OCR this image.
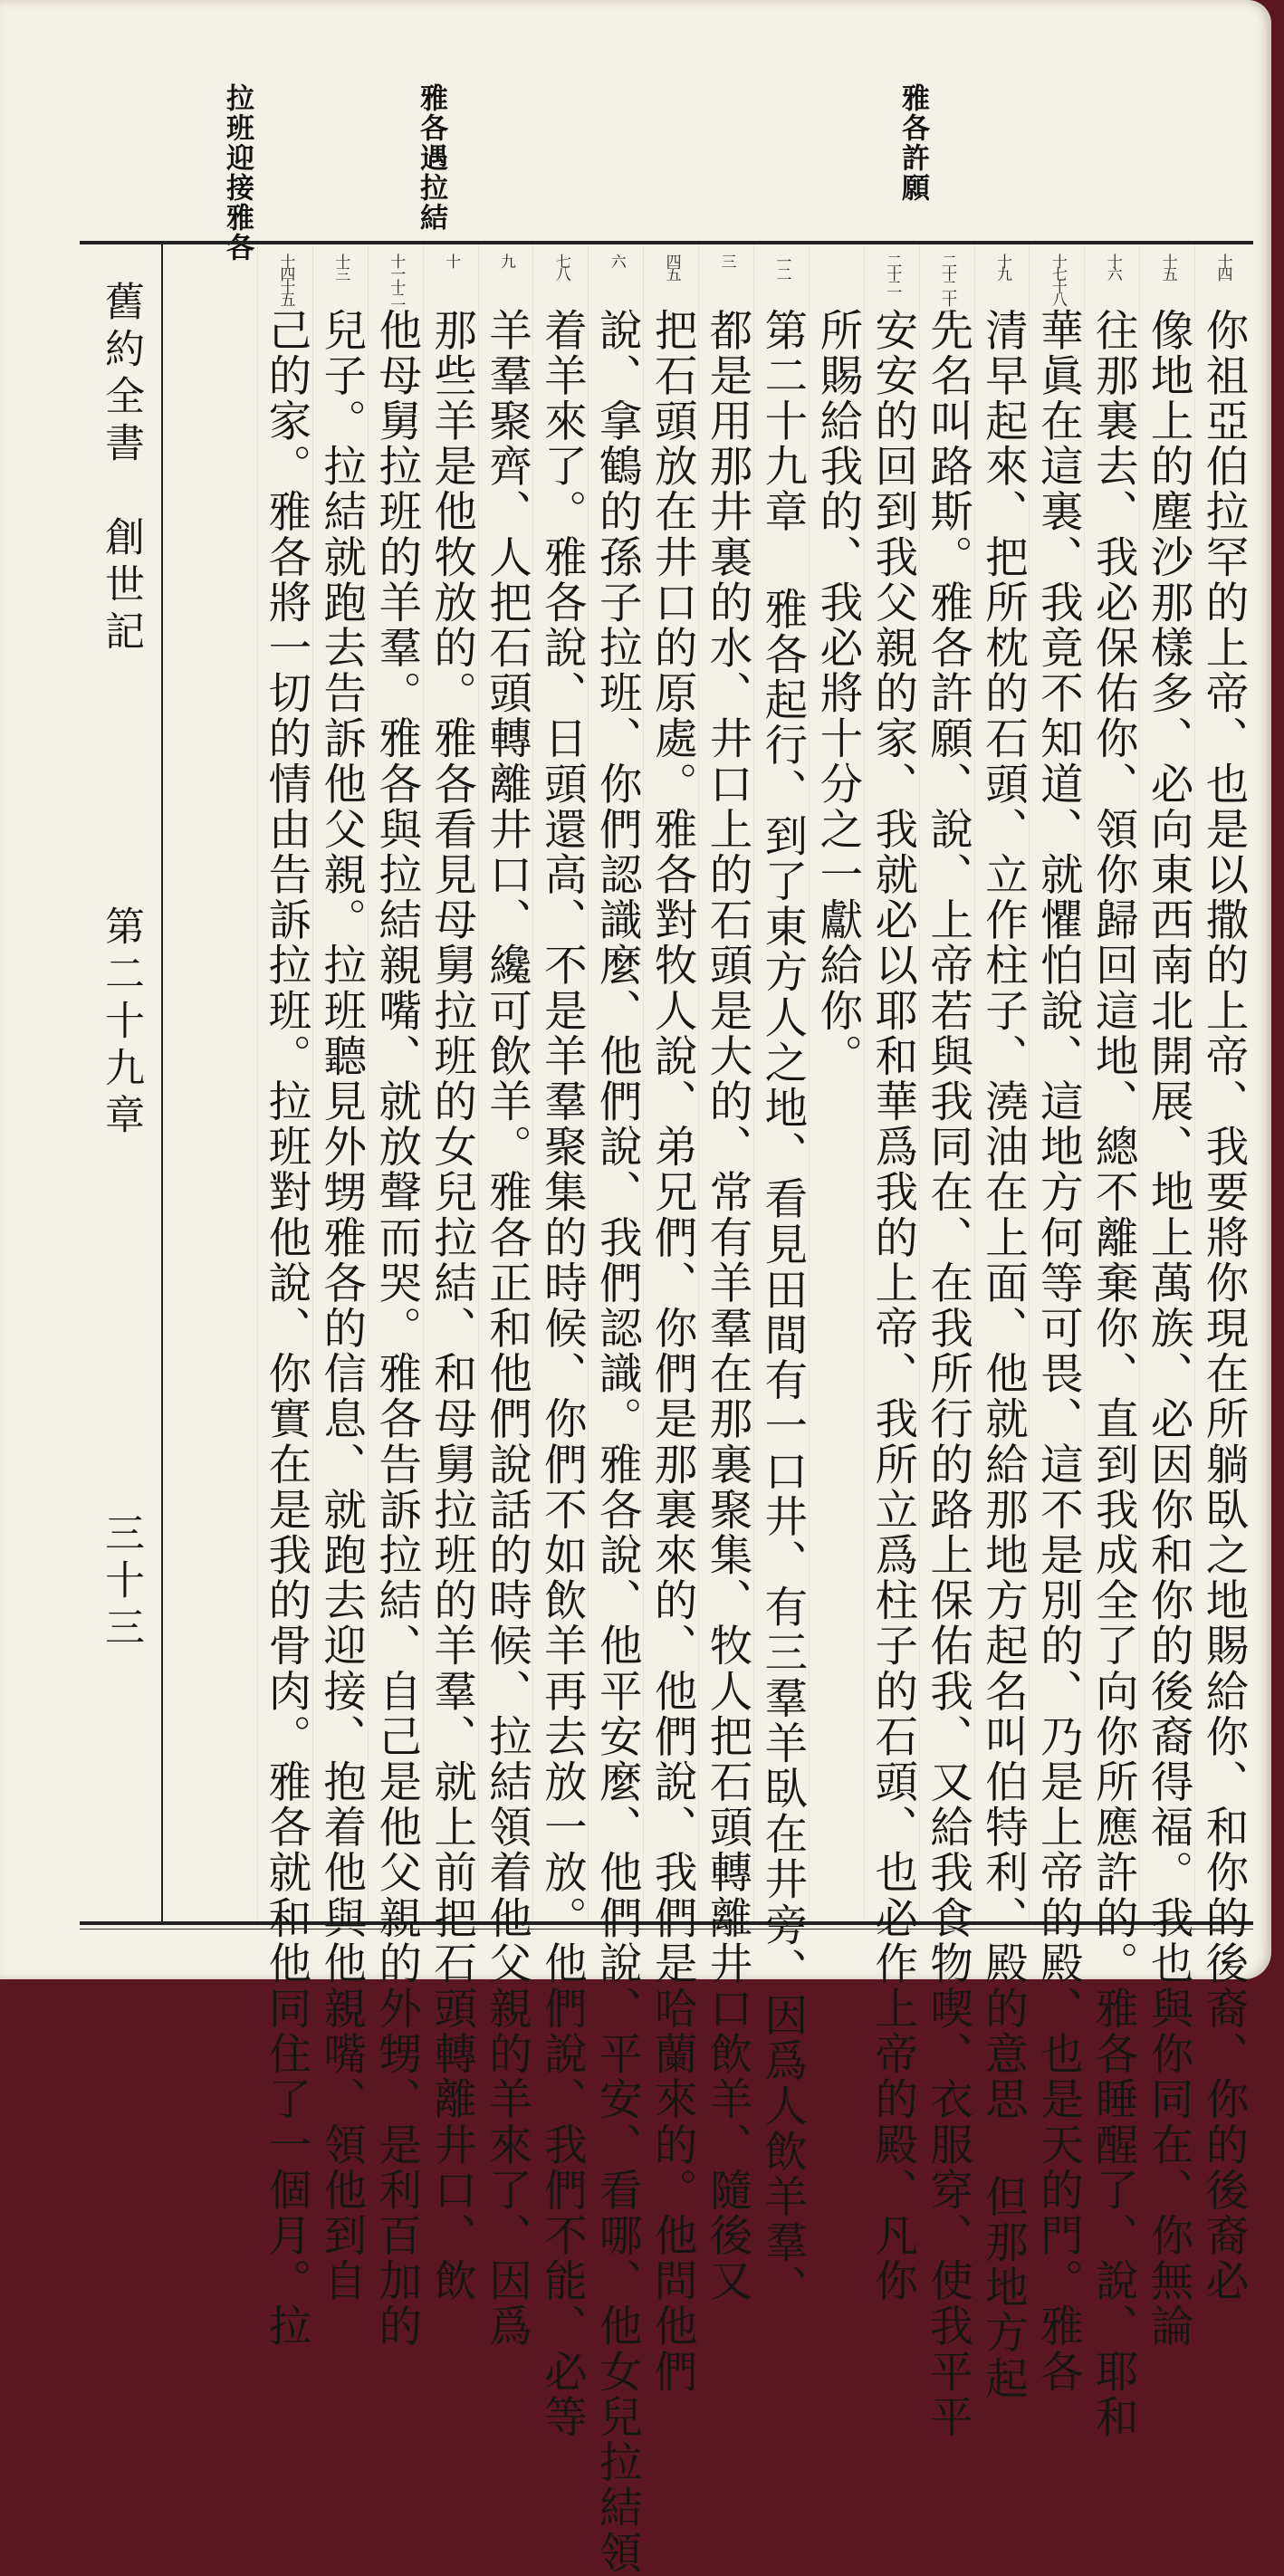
雅各許願
雅各遇拉結
拉班迎接雅各
舊約全書
創世記
第二十九章
三十三
十四
你祖亞伯拉罕的上帝、也是以撒的上帝、我要將你現在所躺臥之地賜給你、和你的後裔、你的後裔必
十五
像地上的塵沙那樣多、必向東西南北開展、地上萬族、必因你和你的後裔得福。我也與你同在、你無論
十六
往那裏去、我必保佑你、領你歸回這地、總不離棄你、直到我成全了向你所應許的。雅各睡醒了、說、耶和
十七十八
華眞在這裏、我竟不知道、就懼怕說、這地方何等可畏、這不是別的、乃是上帝的殿、也是天的門。雅各
十九
清早起來、把所枕的石頭、立作柱子、澆油在上面、他就給那地方起名叫伯特利、殿的意思 但那地方起
二十二十一
先名叫路斯。雅各許願、說、上帝若與我同在、在我所行的路上保佑我、又給我食物喫、衣服穿、使我平平
二十二
安安的回到我父親的家、我就必以耶和華爲我的上帝、我所立爲柱子的石頭、也必作上帝的殿、凡你
所賜給我的、我必將十分之一獻給你。
一二
第二十九章 雅各起行、到了東方人之地、看見田間有一口井、有三羣羊臥在井旁、因爲人飲羊羣、
三
都是用那井裏的水、井口上的石頭是大的、常有羊羣在那裏聚集、牧人把石頭轉離井口飲羊、隨後又
四五
把石頭放在井口的原處。雅各對牧人說、弟兄們、你們是那裏來的、他們說、我們是哈蘭來的。他問他們
六
說、拿鶴的孫子拉班、你們認識麼、他們說、我們認識。雅各說、他平安麼、他們說、平安、看哪、他女兒拉結領
七八
着羊來了。雅各說、日頭還高、不是羊羣聚集的時候、你們不如飲羊再去放一放。他們說、我們不能、必等
九
羊羣聚齊、人把石頭轉離井口、纔可飲羊。雅各正和他們說話的時候、拉結領着他父親的羊來了、因爲
十
那些羊是他牧放的。雅各看見母舅拉班的女兒拉結、和母舅拉班的羊羣、就上前把石頭轉離井口、飲
十一十二
他母舅拉班的羊羣。雅各與拉結親嘴、就放聲而哭。雅各告訴拉結、自己是他父親的外甥、是利百加的
十三
兒子。拉結就跑去告訴他父親。拉班聽見外甥雅各的信息、就跑去迎接、抱着他與他親嘴、領他到自
十四十五
己的家。雅各將一切的情由告訴拉班。拉班對他說、你實在是我的骨肉。雅各就和他同住了一個月。拉
